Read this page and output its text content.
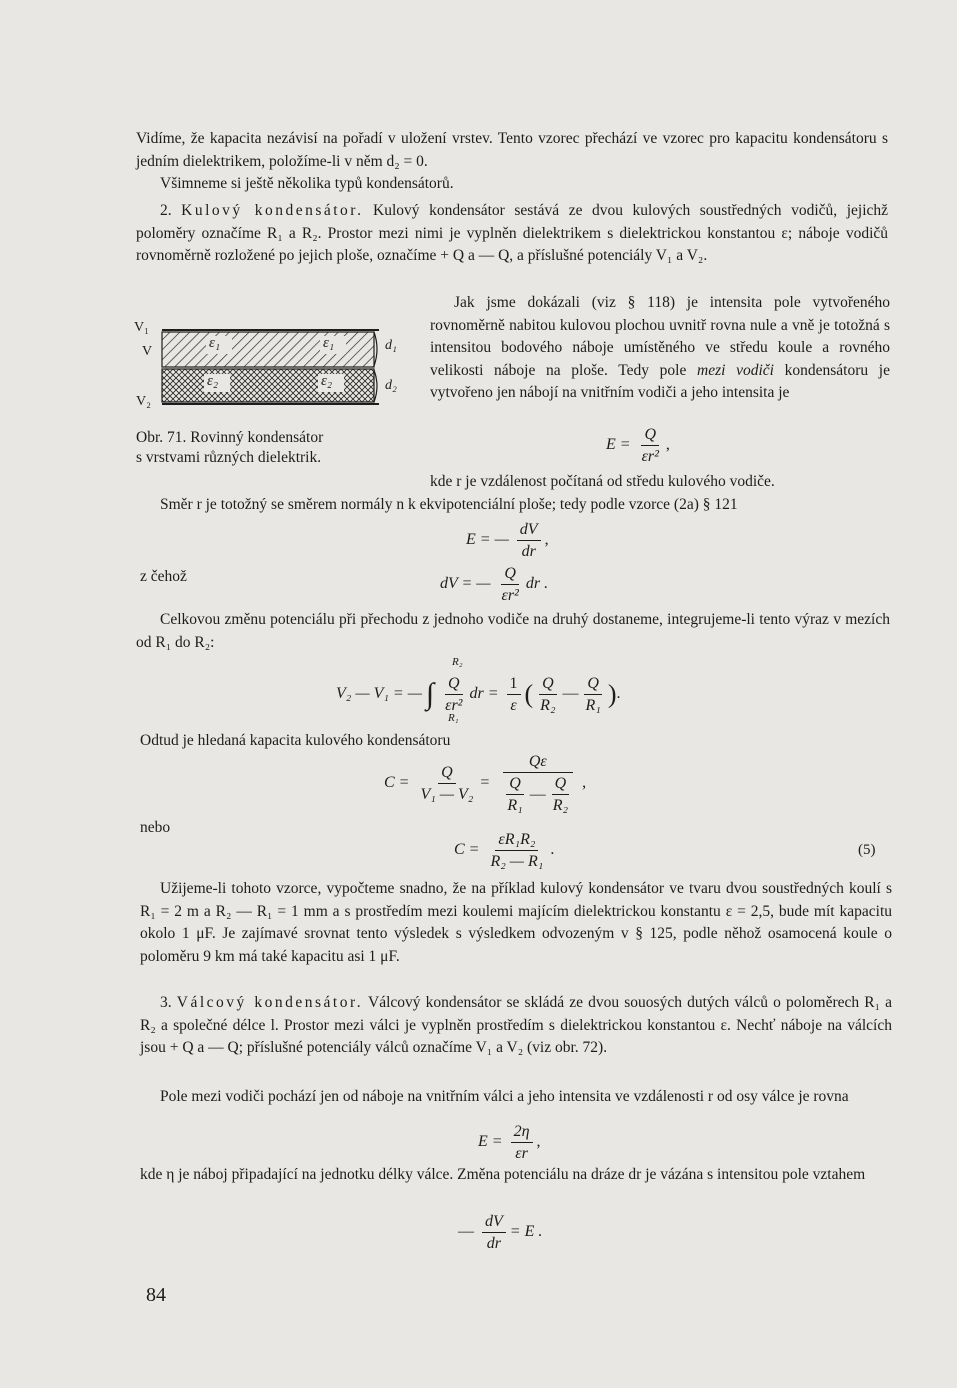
Vidíme, že kapacita nezávisí na pořadí v uložení vrstev. Tento vzorec přechází ve vzorec pro kapacitu kondensátoru s jedním dielektrikem, položíme-li v něm d₂ = 0.

Všimneme si ještě několika typů kondensátorů.

2. Kulový kondensátor. Kulový kondensátor sestává ze dvou kulových soustředných vodičů, jejichž poloměry označíme R₁ a R₂. Prostor mezi nimi je vyplněn dielektrikem s dielektrickou konstantou ε; náboje vodičů rovnoměrně rozložené po jejich ploše, označíme + Q a — Q, a příslušné potenciály V₁ a V₂.

V₁
V
V₂
ε₁	ε₁
ε₂	ε₂
d₁
d₂
Obr. 71. Rovinný kondensátor
s vrstvami různých dielektrik.

Jak jsme dokázali (viz § 118) je intensita pole vytvořeného rovnoměrně nabitou kulovou plochou uvnitř rovna nule a vně je totožná s intensitou bodového náboje umístěného ve středu koule a rovného velikosti náboje na ploše. Tedy pole mezi vodiči kondensátoru je vytvořeno jen nábojí na vnitřním vodiči a jeho intensita je

$E = \frac{Q}{\text{εr²}}$ ,
kde r je vzdálenost počítaná od středu kulového vodiče.
Směr r je totožný se směrem normály n k ekvipotenciální ploše; tedy podle vzorce (2a) § 121
E = — $\frac{dV}{dr}$ ,
z čehož	dV = — $\frac{Q}{\text{εr²}}$ dr .

Celkovou změnu potenciálu při přechodu z jednoho vodiče na druhý dostaneme, integrujeme-li tento výraz v mezích od R₁ do R₂:

R₂
R₁
V₂ — V₁ = — ∫ $\frac{Q}{\text{εr²}}$ dr = $\frac{1}{\varepsilon}$ ( $\frac{Q}{\text{R₂}}$ — $\frac{Q}{\text{R₁}}$ ).
Odtud je hledaná kapacita kulového kondensátoru
$C = \frac{Q}{\text{V₁ — V₂}} = \frac{Q\varepsilon}{\frac{Q}{\text{R₁}} — \frac{Q}{\text{R₂}}}$ ,
nebo
$C = \frac{\text{εR₁R₂}}{\text{R₂ — R₁}}$ .	(5)

Užijeme-li tohoto vzorce, vypočteme snadno, že na příklad kulový kondensátor ve tvaru dvou soustředných koulí s R₁ = 2 m a R₂ — R₁ = 1 mm a s prostředím mezi koulemi majícím dielektrickou konstantu ε = 2,5, bude mít kapacitu okolo 1 μF. Je zajímavé srovnat tento výsledek s výsledkem odvozeným v § 125, podle něhož osamocená koule o poloměru 9 km má také kapacitu asi 1 μF.

3. Válcový kondensátor. Válcový kondensátor se skládá ze dvou souosých dutých válců o poloměrech R₁ a R₂ a společné délce l. Prostor mezi válci je vyplněn prostředím s dielektrickou konstantou ε. Nechť náboje na válcích jsou + Q a — Q; příslušné potenciály válců označíme V₁ a V₂ (viz obr. 72).

Pole mezi vodiči pochází jen od náboje na vnitřním válci a jeho intensita ve vzdálenosti r od osy válce je rovna

$E = \frac{2\eta}{\varepsilon r}$ ,

kde η je náboj připadající na jednotku délky válce. Změna potenciálu na dráze dr je vázána s intensitou pole vztahem

— $\frac{dV}{dr} = E$ .
84
